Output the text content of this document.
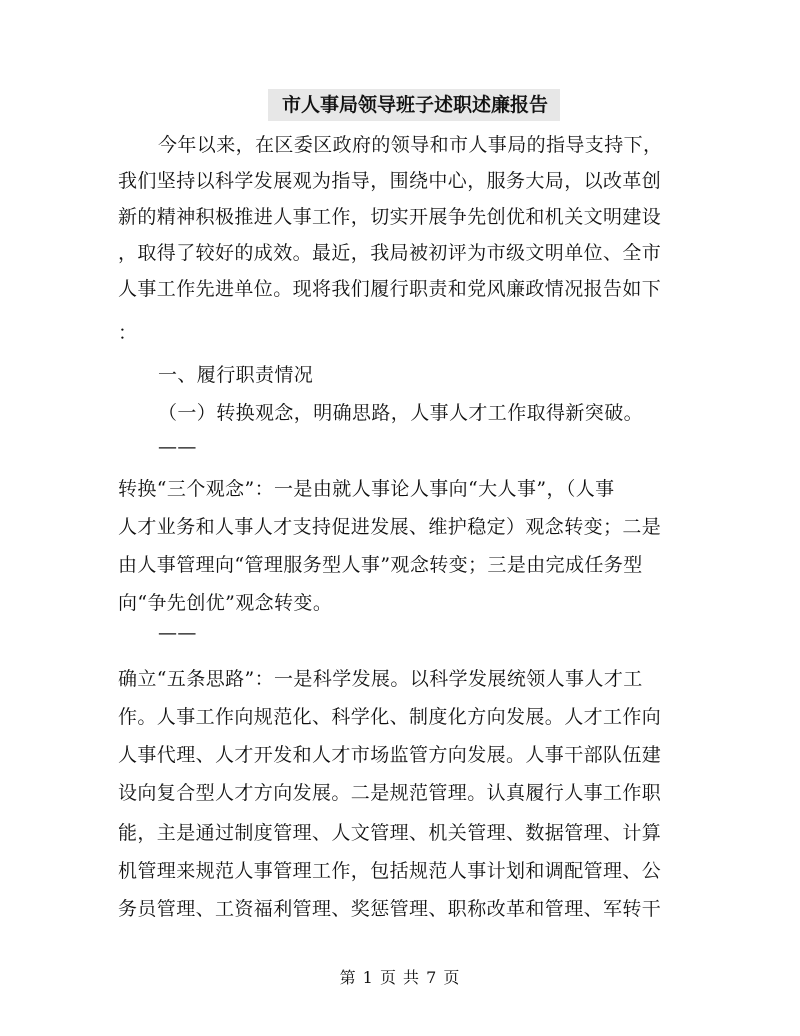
市人事局领导班子述职述廉报告
今年以来，在区委区政府的领导和市人事局的指导支持下，
我们坚持以科学发展观为指导，围绕中心，服务大局，以改革创
新的精神积极推进人事工作，切实开展争先创优和机关文明建设
，取得了较好的成效。最近，我局被初评为市级文明单位、全市
人事工作先进单位。现将我们履行职责和党风廉政情况报告如下
：
一、履行职责情况
（一）转换观念，明确思路，人事人才工作取得新突破。
——
转换“三个观念”：一是由就人事论人事向“大人事”，（人事
人才业务和人事人才支持促进发展、维护稳定）观念转变；二是
由人事管理向“管理服务型人事”观念转变；三是由完成任务型
向“争先创优”观念转变。
——
确立“五条思路”：一是科学发展。以科学发展统领人事人才工
作。人事工作向规范化、科学化、制度化方向发展。人才工作向
人事代理、人才开发和人才市场监管方向发展。人事干部队伍建
设向复合型人才方向发展。二是规范管理。认真履行人事工作职
能，主是通过制度管理、人文管理、机关管理、数据管理、计算
机管理来规范人事管理工作，包括规范人事计划和调配管理、公
务员管理、工资福利管理、奖惩管理、职称改革和管理、军转干
第 1 页 共 7 页
